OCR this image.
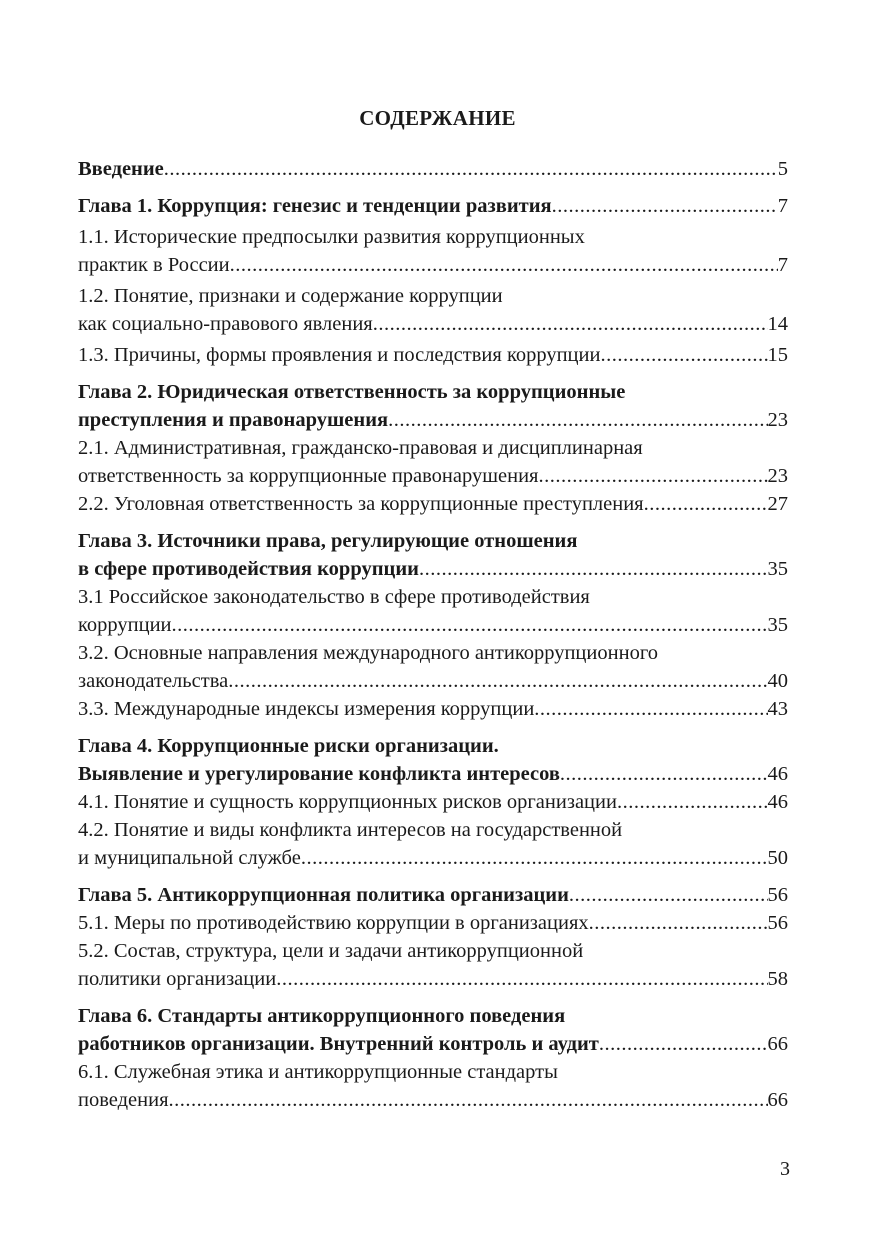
СОДЕРЖАНИЕ
Введение .....	5
Глава 1. Коррупция: генезис и тенденции развития .....	7
1.1. Исторические предпосылки развития коррупционных
практик в России .....	7
1.2. Понятие, признаки и содержание коррупции
как социально-правового явления .....	14
1.3. Причины, формы проявления и последствия коррупции .....	15
Глава 2. Юридическая ответственность за коррупционные
преступления и правонарушения .....	23
2.1. Административная, гражданско-правовая и дисциплинарная
ответственность за коррупционные правонарушения .....	23
2.2. Уголовная ответственность за коррупционные преступления .....	27
Глава 3. Источники права, регулирующие отношения
в сфере противодействия коррупции .....	35
3.1 Российское законодательство в сфере противодействия
коррупции .....	35
3.2. Основные направления международного антикоррупционного
законодательства .....	40
3.3. Международные индексы измерения коррупции .....	43
Глава 4. Коррупционные риски организации.
Выявление и урегулирование конфликта интересов .....	46
4.1. Понятие и сущность коррупционных рисков организации .....	46
4.2. Понятие и виды конфликта интересов на государственной
и муниципальной службе .....	50
Глава 5. Антикоррупционная политика организации .....	56
5.1. Меры по противодействию коррупции в организациях .....	56
5.2. Состав, структура, цели и задачи антикоррупционной
политики организации .....	58
Глава 6. Стандарты антикоррупционного поведения
работников организации. Внутренний контроль и аудит .....	66
6.1. Служебная этика и антикоррупционные стандарты
поведения .....	66
3
